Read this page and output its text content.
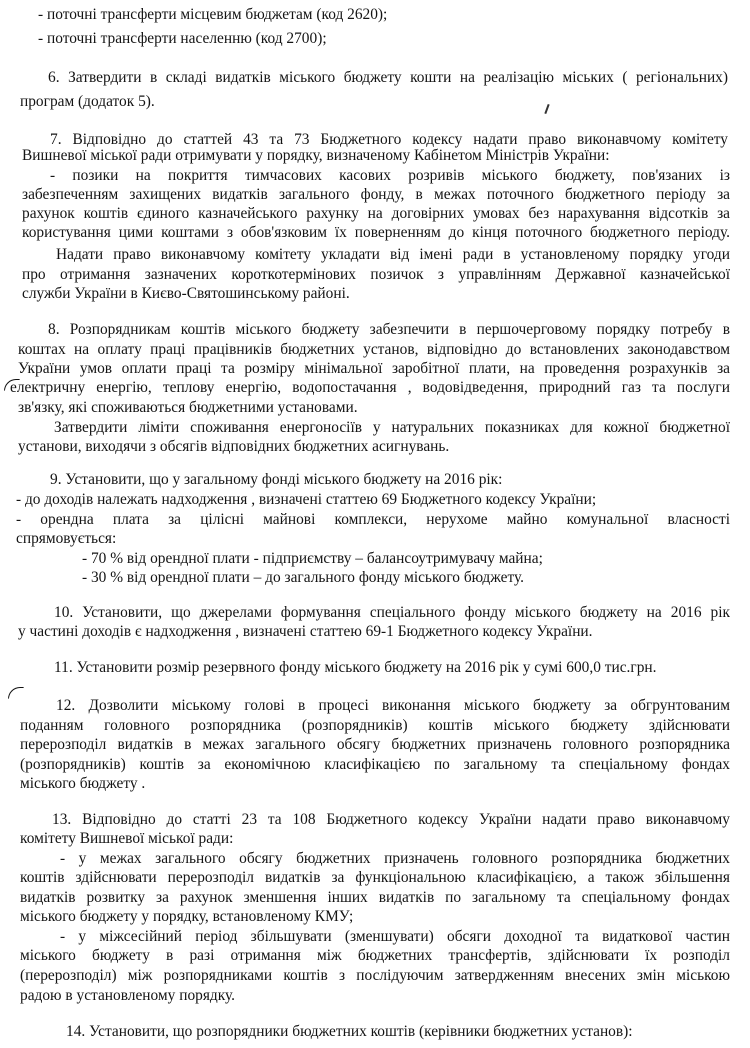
- поточні трансферти місцевим бюджетам (код 2620);

- поточні трансферти населенню (код 2700);

6. Затвердити в складі видатків міського бюджету кошти на реалізацію міських ( регіональних)

програм (додаток 5).

7. Відповідно до статтей 43 та 73 Бюджетного кодексу надати право виконавчому комітету

Вишневої міської ради отримувати у порядку, визначеному Кабінетом Міністрів України:

- позики на покриття тимчасових касових розривів міського бюджету, пов'язаних із

забезпеченням захищених видатків загального фонду, в межах поточного бюджетного періоду за

рахунок коштів єдиного казначейського рахунку на договірних умовах без нарахування відсотків за

користування цими коштами з обов'язковим їх поверненням до кінця поточного бюджетного періоду.

Надати право виконавчому комітету укладати від імені ради в установленому порядку угоди

про отримання зазначених короткотермінових позичок з управлінням Державної казначейської

служби України в Києво-Святошинському районі.

8. Розпорядникам коштів міського бюджету забезпечити в першочерговому порядку потребу в

коштах на оплату праці працівників бюджетних установ, відповідно до встановлених законодавством

України умов оплати праці та розміру мінімальної заробітної плати, на проведення розрахунків за

електричну енергію, теплову енергію, водопостачання , водовідведення, природний газ та послуги

зв'язку, які споживаються бюджетними установами.

Затвердити ліміти споживання енергоносіїв у натуральних показниках для кожної бюджетної

установи, виходячи з обсягів відповідних бюджетних асигнувань.

9. Установити, що у загальному фонді міського бюджету на 2016 рік:

- до доходів належать надходження , визначені статтею 69 Бюджетного кодексу України;

- орендна плата за цілісні майнові комплекси, нерухоме майно комунальної власності

спрямовується:

- 70 % від орендної плати - підприємству – балансоутримувачу майна;

- 30 % від орендної плати – до загального фонду міського бюджету.

10. Установити, що джерелами формування спеціального фонду міського бюджету на 2016 рік

у частині доходів є надходження , визначені статтею 69-1 Бюджетного кодексу України.

11. Установити розмір резервного фонду міського бюджету на 2016 рік у сумі 600,0 тис.грн.

12. Дозволити міському голові в процесі виконання міського бюджету за обгрунтованим

поданням головного розпорядника (розпорядників) коштів міського бюджету здійснювати

перерозподіл видатків в межах загального обсягу бюджетних призначень головного розпорядника

(розпорядників) коштів за економічною класифікацією по загальному та спеціальному фондах

міського бюджету .

13. Відповідно до статті 23 та 108 Бюджетного кодексу України надати право виконавчому

комітету Вишневої міської ради:

- у межах загального обсягу бюджетних призначень головного розпорядника бюджетних

коштів здійснювати перерозподіл видатків за функціональною класифікацією, а також збільшення

видатків розвитку за рахунок зменшення інших видатків по загальному та спеціальному фондах

міського бюджету у порядку, встановленому КМУ;

- у міжсесійний період збільшувати (зменшувати) обсяги доходної та видаткової частин

міського бюджету в разі отримання між бюджетних трансфертів, здійснювати їх розподіл

(перерозподіл) між розпорядниками коштів з послідуючим затвердженням внесених змін міською

радою в установленому порядку.

14. Установити, що розпорядники бюджетних коштів (керівники бюджетних установ):
